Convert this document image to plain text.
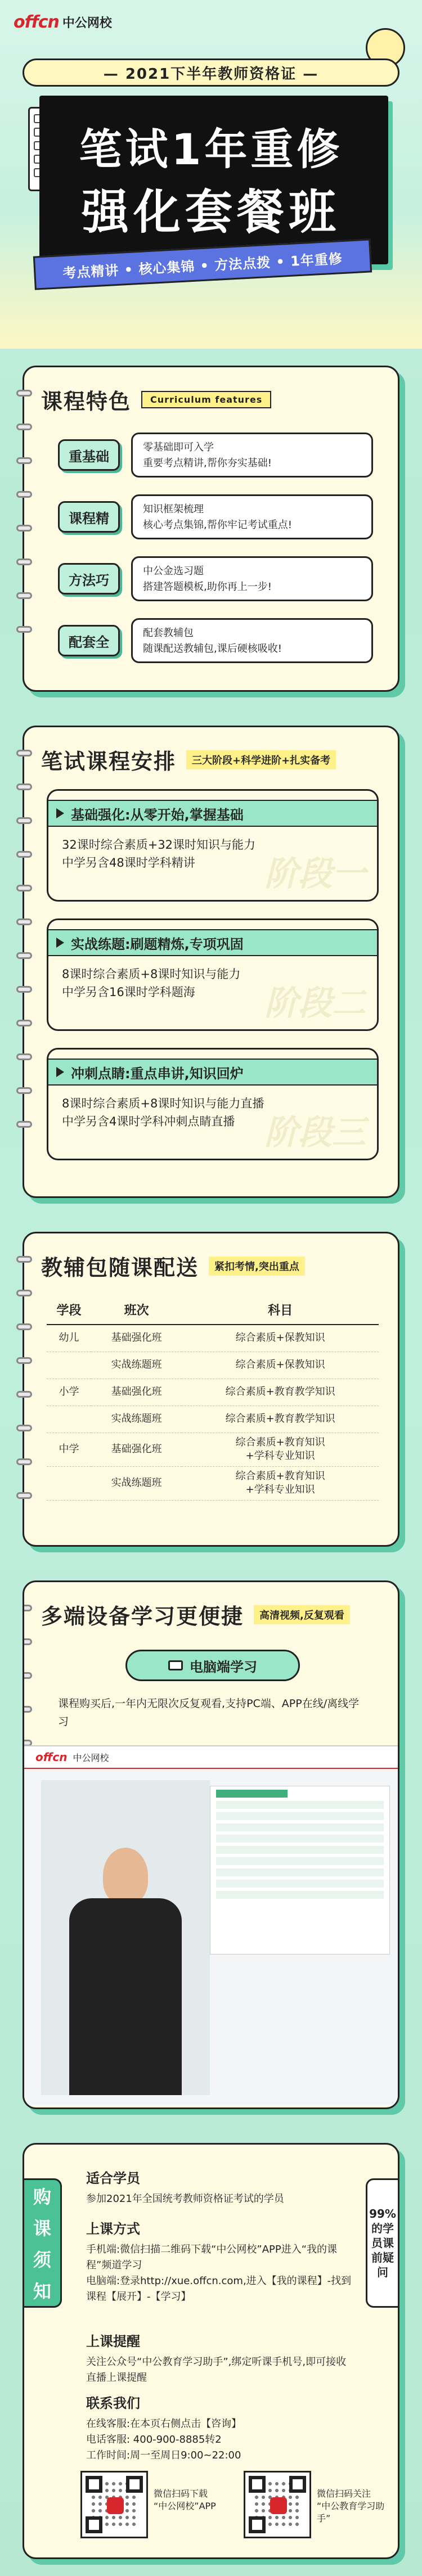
offcn 中公网校
— 2021下半年教师资格证 —
笔试1年重修
强化套餐班
考点精讲 • 核心集锦 • 方法点拨 • 1年重修
课程特色	Curriculum features
重基础
零基础即可入学
重要考点精讲,帮你夯实基础!
课程精
知识框架梳理
核心考点集锦,帮你牢记考试重点!
方法巧
中公金选习题
搭建答题模板,助你再上一步!
配套全
配套教辅包
随课配送教辅包,课后硬核吸收!
笔试课程安排	三大阶段+科学进阶+扎实备考
阶段一
基础强化:从零开始,掌握基础
32课时综合素质+32课时知识与能力
中学另含48课时学科精讲
阶段二
实战练题:刷题精炼,专项巩固
8课时综合素质+8课时知识与能力
中学另含16课时学科题海
阶段三
冲刺点睛:重点串讲,知识回炉
8课时综合素质+8课时知识与能力直播
中学另含4课时学科冲刺点睛直播
教辅包随课配送	紧扣考情,突出重点
学段	班次	科目
幼儿	基础强化班	综合素质+保教知识
	实战练题班	综合素质+保教知识
小学	基础强化班	综合素质+教育教学知识
	实战练题班	综合素质+教育教学知识
中学	基础强化班	综合素质+教育知识
+学科专业知识
	实战练题班	综合素质+教育知识
+学科专业知识
多端设备学习更便捷	高清视频,反复观看
电脑端学习
课程购买后,一年内无限次反复观看,支持PC端、APP在线/离线学习
offcn 中公网校
购
课
须
知
99%的学员课前疑问
适合学员

参加2021年全国统考教师资格证考试的学员

上课方式

手机端:微信扫描二维码下载“中公网校”APP进入“我的课程”频道学习

电脑端:登录http://xue.offcn.com,进入【我的课程】-找到课程【展开】-【学习】

上课提醒

关注公众号“中公教育学习助手”,绑定听课手机号,即可接收直播上课提醒

联系我们

在线客服:在本页右侧点击【咨询】

电话客服: 400-900-8885转2

工作时间:周一至周日9:00~22:00

微信扫码下载
“中公网校”APP
微信扫码关注
“中公教育学习助手”
